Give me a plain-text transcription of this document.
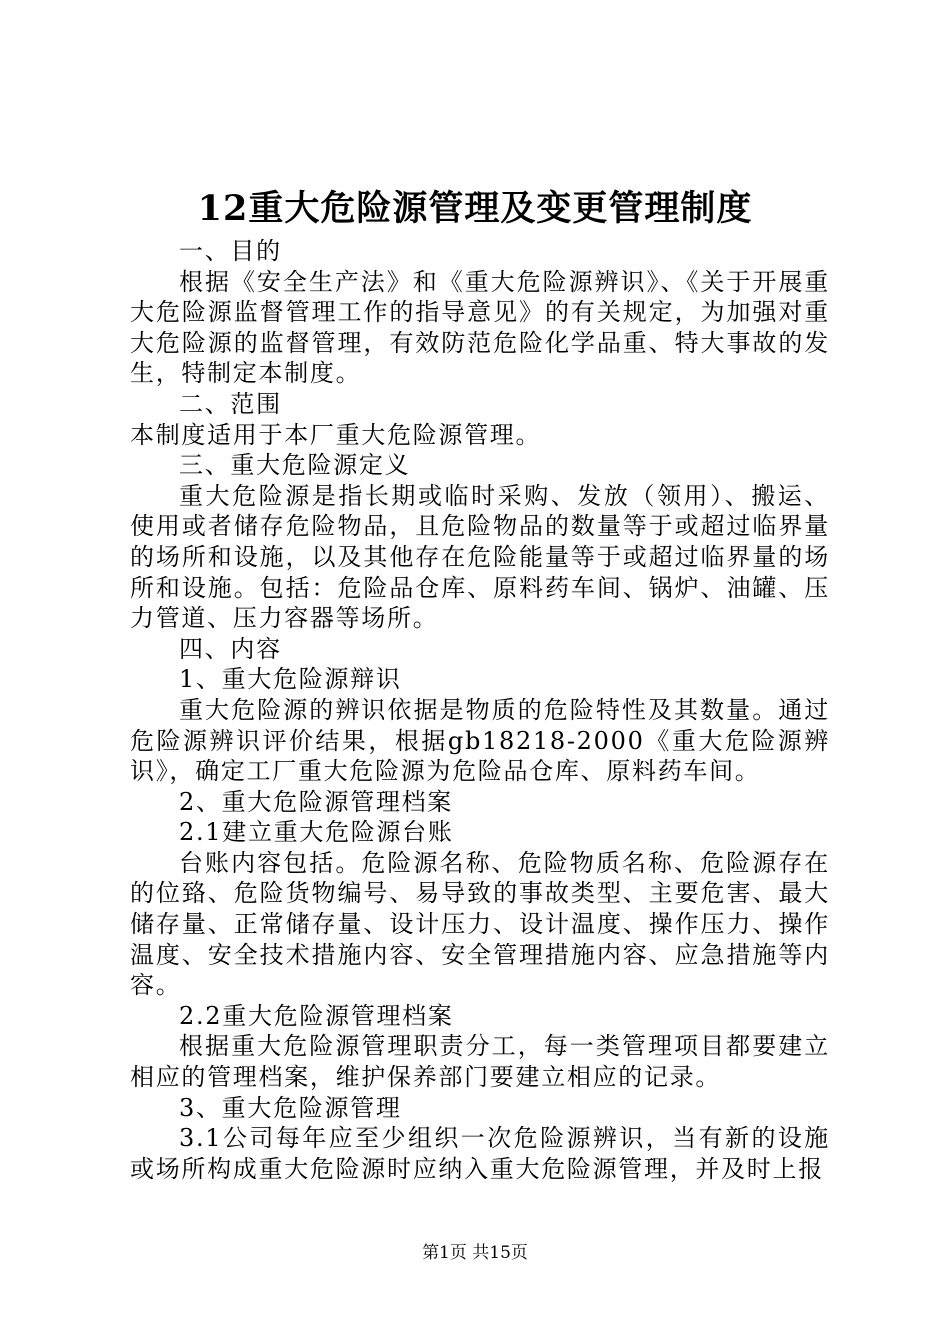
12重大危险源管理及变更管理制度

一、目的

根据《安全生产法》和《重大危险源辨识》、《关于开展重大危险源监督管理工作的指导意见》的有关规定，为加强对重大危险源的监督管理，有效防范危险化学品重、特大事故的发生，特制定本制度。

二、范围

本制度适用于本厂重大危险源管理。

三、重大危险源定义

重大危险源是指长期或临时采购、发放（领用）、搬运、使用或者储存危险物品，且危险物品的数量等于或超过临界量的场所和设施，以及其他存在危险能量等于或超过临界量的场所和设施。包括：危险品仓库、原料药车间、锅炉、油罐、压力管道、压力容器等场所。

四、内容

1、重大危险源辩识

重大危险源的辨识依据是物质的危险特性及其数量。通过危险源辨识评价结果，根据gb18218-2000《重大危险源辨识》，确定工厂重大危险源为危险品仓库、原料药车间。

2、重大危险源管理档案

2.1建立重大危险源台账

台账内容包括。危险源名称、危险物质名称、危险源存在的位臵、危险货物编号、易导致的事故类型、主要危害、最大储存量、正常储存量、设计压力、设计温度、操作压力、操作温度、安全技术措施内容、安全管理措施内容、应急措施等内容。

2.2重大危险源管理档案

根据重大危险源管理职责分工，每一类管理项目都要建立相应的管理档案，维护保养部门要建立相应的记录。

3、重大危险源管理

3.1公司每年应至少组织一次危险源辨识，当有新的设施或场所构成重大危险源时应纳入重大危险源管理，并及时上报

第1页 共15页
